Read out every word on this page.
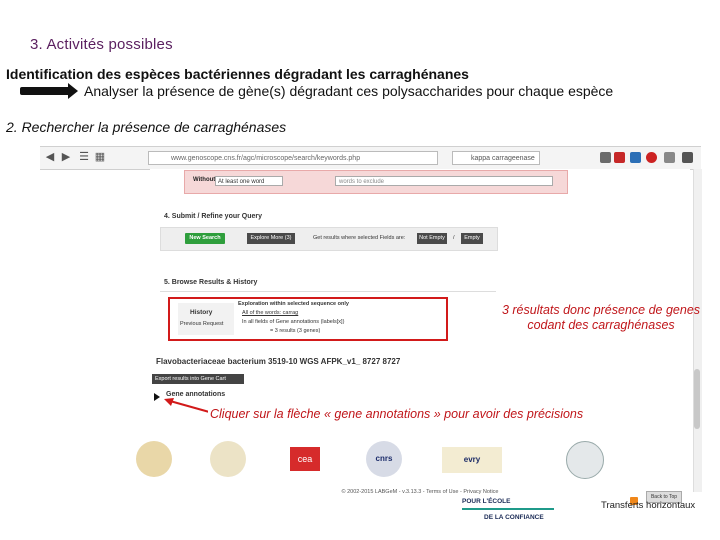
3. Activités possibles
Identification des espèces bactériennes dégradant les carraghénanes
Analyser la présence de gène(s) dégradant ces polysaccharides pour chaque espèce
2. Rechercher la présence de carraghénases
◀ ▶ ☰ ▦	www.genoscope.cns.fr/agc/microscope/search/keywords.php	kappa carrageenase
Without At least one word	words to exclude
4. Submit / Refine your Query
New Search	Explore More (3)	Get results where selected Fields are:	Not Empty	/	Empty
5. Browse Results & History
History
Previous Request
Exploration within selected sequence only
All of the words: carrag
In all fields of Gene annotations (labels[x])
= 3 results (3 genes)
Flavobacteriaceae bacterium 3519-10 WGS AFPK_v1_ 8727 8727
Export results into Gene Cart
Gene annotations
cea	cnrs	evry
© 2002-2015 LABGeM - v.3.13.3 - Terms of Use - Privacy Notice
Back to Top
3 résultats donc présence de genes codant des carraghénases
Cliquer sur la flèche « gene annotations » pour avoir des précisions
POUR L'ÉCOLE
DE LA CONFIANCE
Transferts horizontaux
